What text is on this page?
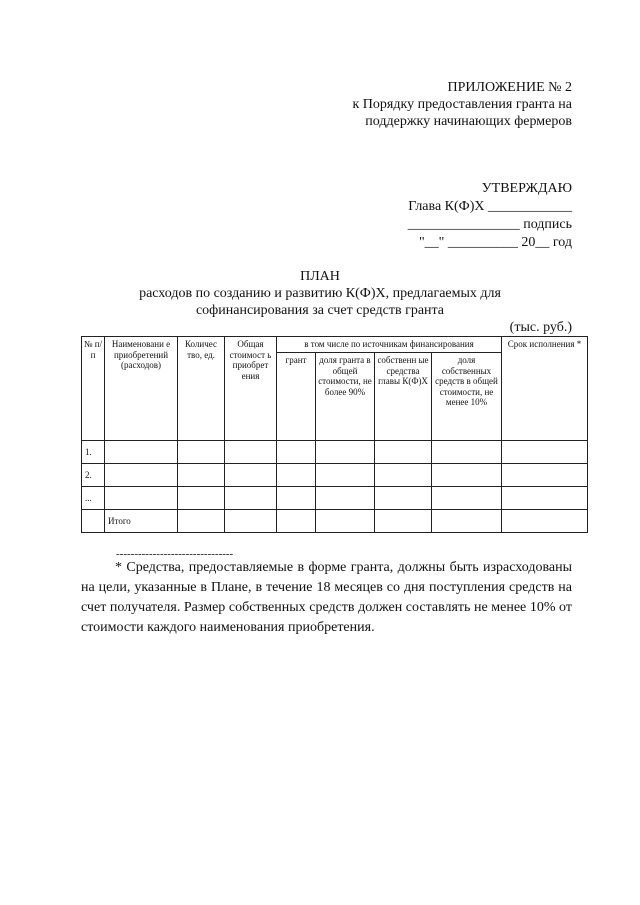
ПРИЛОЖЕНИЕ № 2
к Порядку предоставления гранта на
поддержку начинающих фермеров
УТВЕРЖДАЮ
Глава К(Ф)Х ____________
________________ подпись
"__" __________ 20__ год
ПЛАН
расходов по созданию и развитию К(Ф)Х, предлагаемых для
софинансирования за счет средств гранта
(тыс. руб.)
№ п/п	Наименовани е приобретений (расходов)	Количес тво, ед.	Общая стоимост ь приобрет ения	в том числе по источникам финансирования				Срок исполнения *
				грант	доля гранта в общей стоимости, не более 90%	собственн ые средства главы К(Ф)Х	доля собственных средств в общей стоимости, не менее 10%	
1.								
2.								
...								
	Итого							
--------------------------------

* Средства, предоставляемые в форме гранта, должны быть израсходованы на цели, указанные в Плане, в течение 18 месяцев со дня поступления средств на счет получателя. Размер собственных средств должен составлять не менее 10% от стоимости каждого наименования приобретения.
